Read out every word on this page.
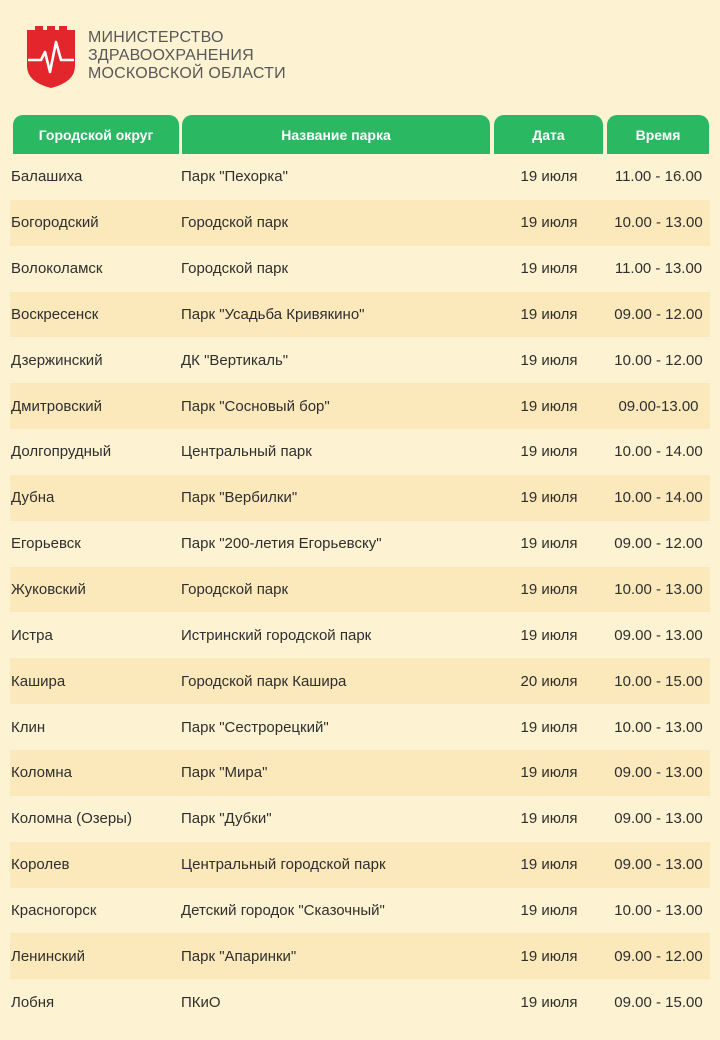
МИНИСТЕРСТВО
ЗДРАВООХРАНЕНИЯ
МОСКОВСКОЙ ОБЛАСТИ
Городской округ	Название парка	Дата	Время
Балашиха	Парк "Пехорка"	19 июля	11.00 - 16.00
Богородский	Городской парк	19 июля	10.00 - 13.00
Волоколамск	Городской парк	19 июля	11.00 - 13.00
Воскресенск	Парк "Усадьба Кривякино"	19 июля	09.00 - 12.00
Дзержинский	ДК "Вертикаль"	19 июля	10.00 - 12.00
Дмитровский	Парк "Сосновый бор"	19 июля	09.00-13.00
Долгопрудный	Центральный парк	19 июля	10.00 - 14.00
Дубна	Парк "Вербилки"	19 июля	10.00 - 14.00
Егорьевск	Парк "200-летия Егорьевску"	19 июля	09.00 - 12.00
Жуковский	Городской парк	19 июля	10.00 - 13.00
Истра	Истринский городской парк	19 июля	09.00 - 13.00
Кашира	Городской парк Кашира	20 июля	10.00 - 15.00
Клин	Парк "Сестрорецкий"	19 июля	10.00 - 13.00
Коломна	Парк "Мира"	19 июля	09.00 - 13.00
Коломна (Озеры)	Парк "Дубки"	19 июля	09.00 - 13.00
Королев	Центральный городской парк	19 июля	09.00 - 13.00
Красногорск	Детский городок "Сказочный"	19 июля	10.00 - 13.00
Ленинский	Парк "Апаринки"	19 июля	09.00 - 12.00
Лобня	ПКиО	19 июля	09.00 - 15.00
